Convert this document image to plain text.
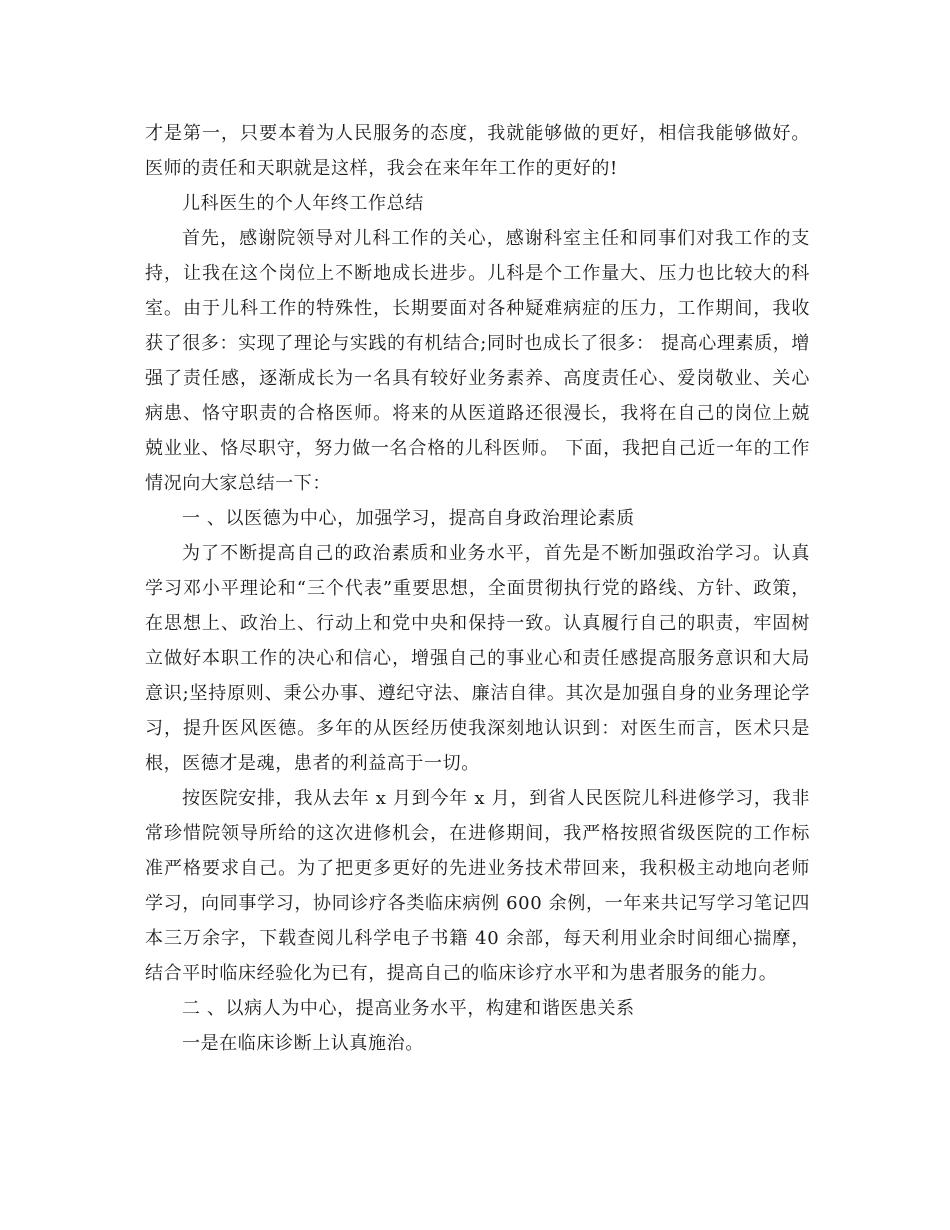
才是第一，只要本着为人民服务的态度，我就能够做的更好，相信我能够做好。医师的责任和天职就是这样，我会在来年年工作的更好的!

儿科医生的个人年终工作总结

首先，感谢院领导对儿科工作的关心，感谢科室主任和同事们对我工作的支持，让我在这个岗位上不断地成长进步。儿科是个工作量大、压力也比较大的科室。由于儿科工作的特殊性，长期要面对各种疑难病症的压力，工作期间，我收获了很多：实现了理论与实践的有机结合;同时也成长了很多： 提高心理素质，增强了责任感，逐渐成长为一名具有较好业务素养、高度责任心、爱岗敬业、关心病患、恪守职责的合格医师。将来的从医道路还很漫长，我将在自己的岗位上兢兢业业、恪尽职守，努力做一名合格的儿科医师。 下面，我把自己近一年的工作情况向大家总结一下：

一 、以医德为中心，加强学习，提高自身政治理论素质

为了不断提高自己的政治素质和业务水平，首先是不断加强政治学习。认真学习邓小平理论和“三个代表”重要思想，全面贯彻执行党的路线、方针、政策，在思想上、政治上、行动上和党中央和保持一致。认真履行自己的职责，牢固树立做好本职工作的决心和信心，增强自己的事业心和责任感提高服务意识和大局意识;坚持原则、秉公办事、遵纪守法、廉洁自律。其次是加强自身的业务理论学习，提升医风医德。多年的从医经历使我深刻地认识到：对医生而言，医术只是根，医德才是魂，患者的利益高于一切。

按医院安排，我从去年 x 月到今年 x 月，到省人民医院儿科进修学习，我非常珍惜院领导所给的这次进修机会，在进修期间，我严格按照省级医院的工作标准严格要求自己。为了把更多更好的先进业务技术带回来，我积极主动地向老师学习，向同事学习，协同诊疗各类临床病例 600 余例，一年来共记写学习笔记四本三万余字，下载查阅儿科学电子书籍 40 余部，每天利用业余时间细心揣摩，结合平时临床经验化为已有，提高自己的临床诊疗水平和为患者服务的能力。

二 、以病人为中心，提高业务水平，构建和谐医患关系

一是在临床诊断上认真施治。
